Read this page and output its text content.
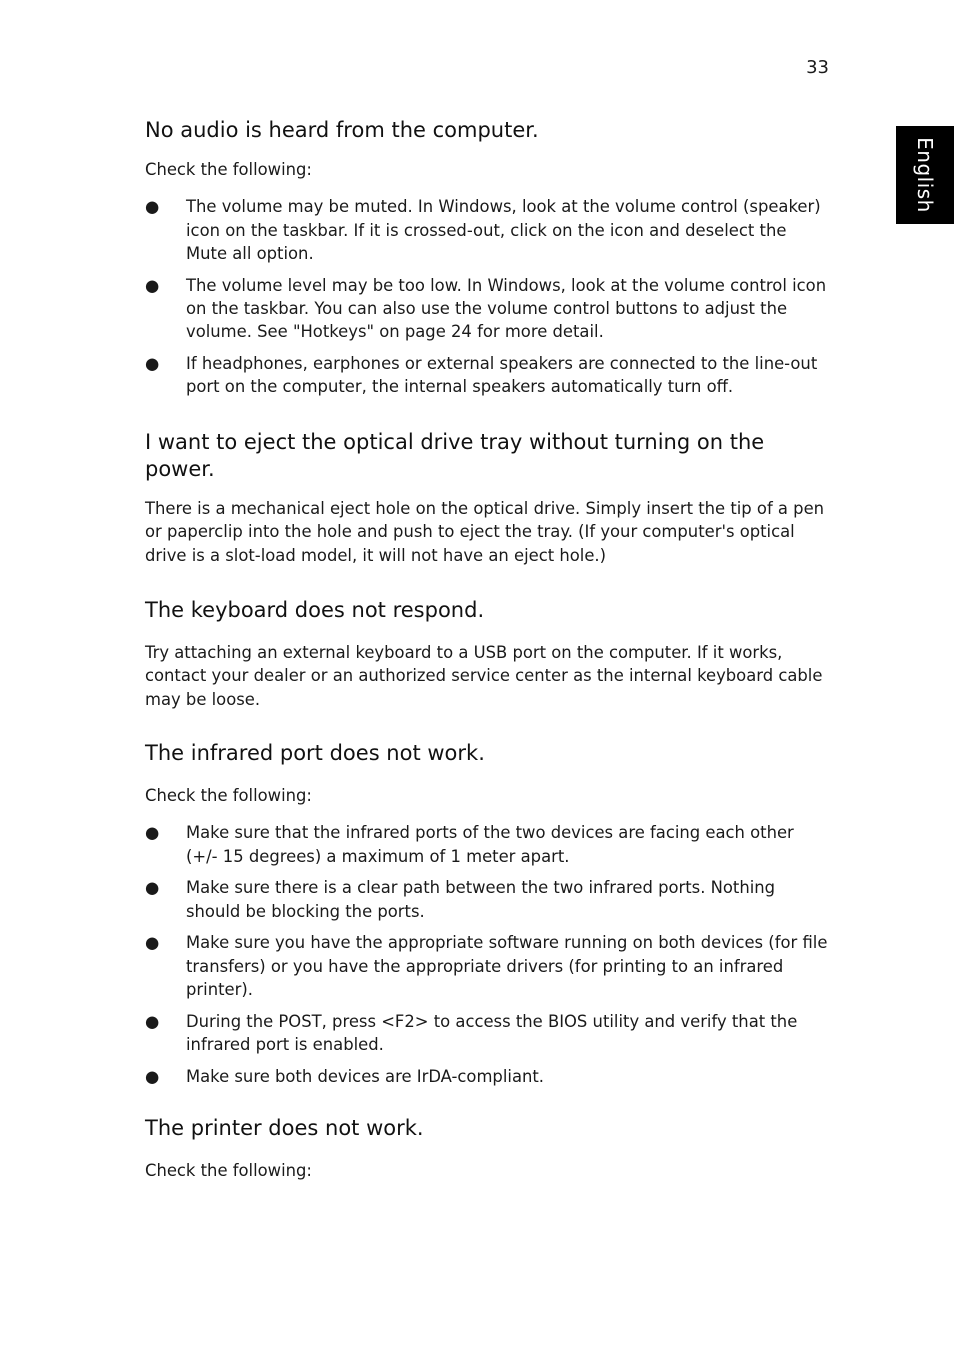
33
English
No audio is heard from the computer.

Check the following:

● The volume may be muted. In Windows, look at the volume control (speaker) icon on the taskbar. If it is crossed-out, click on the icon and deselect the Mute all option.
● The volume level may be too low. In Windows, look at the volume control icon on the taskbar. You can also use the volume control buttons to adjust the volume. See "Hotkeys" on page 24 for more detail.
● If headphones, earphones or external speakers are connected to the line-out port on the computer, the internal speakers automatically turn off.
I want to eject the optical drive tray without turning on the power.

There is a mechanical eject hole on the optical drive. Simply insert the tip of a pen or paperclip into the hole and push to eject the tray. (If your computer's optical drive is a slot-load model, it will not have an eject hole.)

The keyboard does not respond.

Try attaching an external keyboard to a USB port on the computer. If it works, contact your dealer or an authorized service center as the internal keyboard cable may be loose.

The infrared port does not work.

Check the following:

● Make sure that the infrared ports of the two devices are facing each other (+/- 15 degrees) a maximum of 1 meter apart.
● Make sure there is a clear path between the two infrared ports. Nothing should be blocking the ports.
● Make sure you have the appropriate software running on both devices (for file transfers) or you have the appropriate drivers (for printing to an infrared printer).
● During the POST, press <F2> to access the BIOS utility and verify that the infrared port is enabled.
● Make sure both devices are IrDA-compliant.
The printer does not work.

Check the following:
